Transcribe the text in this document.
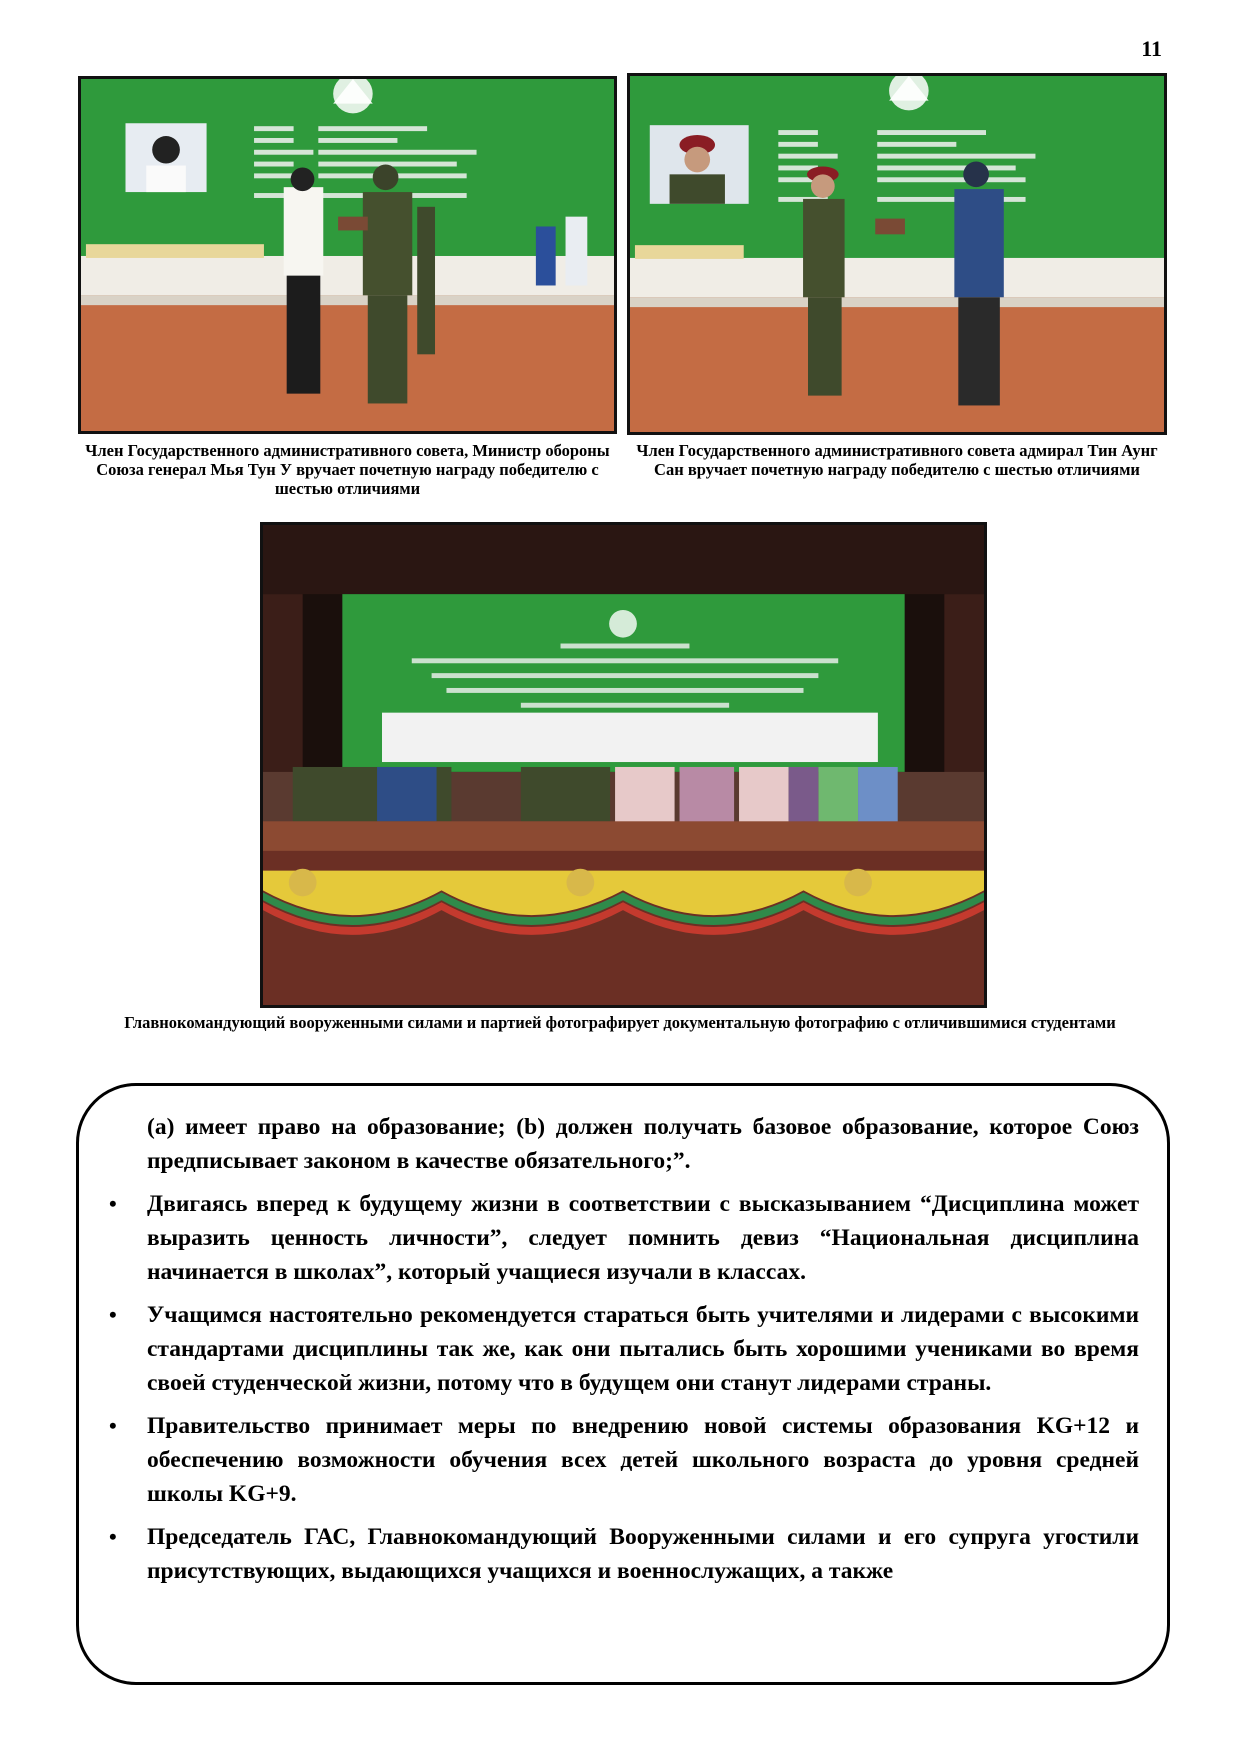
11
Член Государственного административного совета, Министр обороны Союза генерал Мья Тун У вручает почетную награду победителю с шестью отличиями
Член Государственного административного совета адмирал Тин Аунг Сан вручает почетную награду победителю с шестью отличиями
Главнокомандующий вооруженными силами и партией фотографирует документальную фотографию с отличившимися студентами

(a) имеет право на образование; (b) должен получать базовое образование, которое Союз предписывает законом в качестве обязательного;”.

• Двигаясь вперед к будущему жизни в соответствии с высказыванием “Дисциплина может выразить ценность личности”, следует помнить девиз “Национальная дисциплина начинается в школах”, который учащиеся изучали в классах.

• Учащимся настоятельно рекомендуется стараться быть учителями и лидерами с высокими стандартами дисциплины так же, как они пытались быть хорошими учениками во время своей студенческой жизни, потому что в будущем они станут лидерами страны.

• Правительство принимает меры по внедрению новой системы образования KG+12 и обеспечению возможности обучения всех детей школьного возраста до уровня средней школы KG+9.

• Председатель ГАС, Главнокомандующий Вооруженными силами и его супруга угостили присутствующих, выдающихся учащихся и военнослужащих, а также
